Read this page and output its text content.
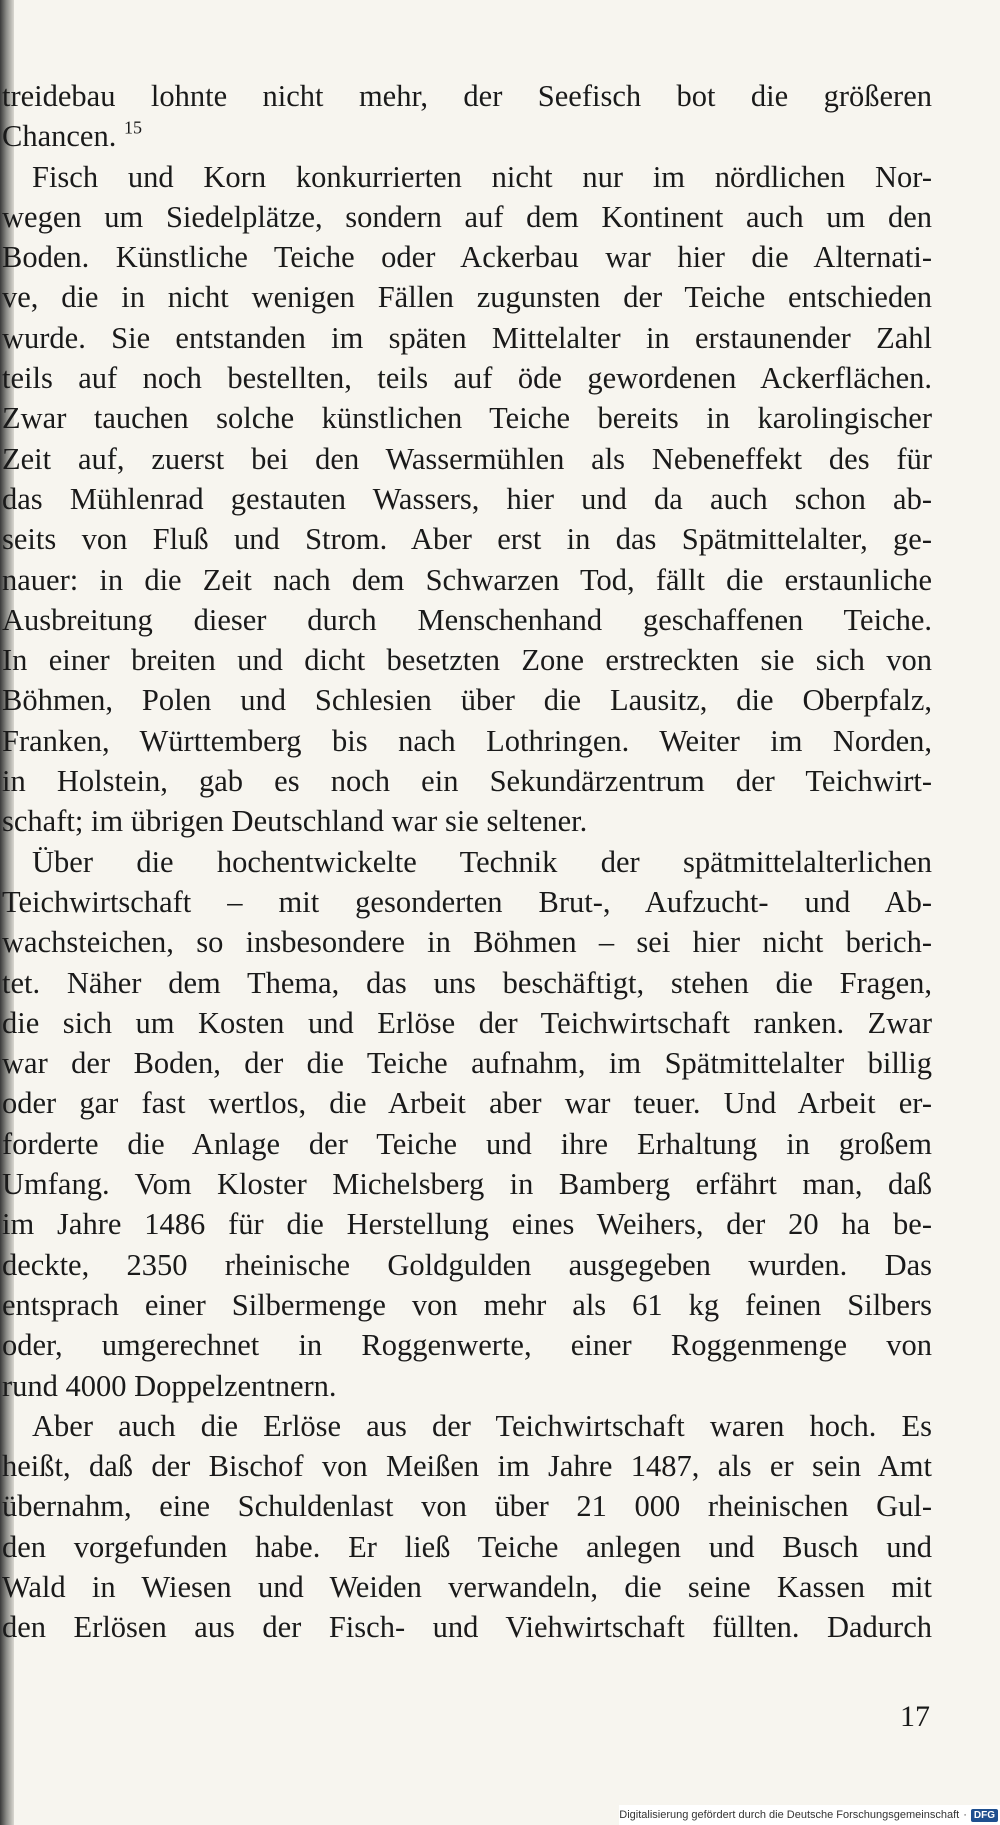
treidebau lohnte nicht mehr, der Seefisch bot die größeren
Chancen. $^{15}$
Fisch und Korn konkurrierten nicht nur im nördlichen Nor-
wegen um Siedelplätze, sondern auf dem Kontinent auch um den
Boden. Künstliche Teiche oder Ackerbau war hier die Alternati-
ve, die in nicht wenigen Fällen zugunsten der Teiche entschieden
wurde. Sie entstanden im späten Mittelalter in erstaunender Zahl
teils auf noch bestellten, teils auf öde gewordenen Ackerflächen.
Zwar tauchen solche künstlichen Teiche bereits in karolingischer
Zeit auf, zuerst bei den Wassermühlen als Nebeneffekt des für
das Mühlenrad gestauten Wassers, hier und da auch schon ab-
seits von Fluß und Strom. Aber erst in das Spätmittelalter, ge-
nauer: in die Zeit nach dem Schwarzen Tod, fällt die erstaunliche
Ausbreitung dieser durch Menschenhand geschaffenen Teiche.
In einer breiten und dicht besetzten Zone erstreckten sie sich von
Böhmen, Polen und Schlesien über die Lausitz, die Oberpfalz,
Franken, Württemberg bis nach Lothringen. Weiter im Norden,
in Holstein, gab es noch ein Sekundärzentrum der Teichwirt-
schaft; im übrigen Deutschland war sie seltener.
Über die hochentwickelte Technik der spätmittelalterlichen
Teichwirtschaft – mit gesonderten Brut-, Aufzucht- und Ab-
wachsteichen, so insbesondere in Böhmen – sei hier nicht berich-
tet. Näher dem Thema, das uns beschäftigt, stehen die Fragen,
die sich um Kosten und Erlöse der Teichwirtschaft ranken. Zwar
war der Boden, der die Teiche aufnahm, im Spätmittelalter billig
oder gar fast wertlos, die Arbeit aber war teuer. Und Arbeit er-
forderte die Anlage der Teiche und ihre Erhaltung in großem
Umfang. Vom Kloster Michelsberg in Bamberg erfährt man, daß
im Jahre 1486 für die Herstellung eines Weihers, der 20 ha be-
deckte, 2350 rheinische Goldgulden ausgegeben wurden. Das
entsprach einer Silbermenge von mehr als 61 kg feinen Silbers
oder, umgerechnet in Roggenwerte, einer Roggenmenge von
rund 4000 Doppelzentnern.
Aber auch die Erlöse aus der Teichwirtschaft waren hoch. Es
heißt, daß der Bischof von Meißen im Jahre 1487, als er sein Amt
übernahm, eine Schuldenlast von über 21 000 rheinischen Gul-
den vorgefunden habe. Er ließ Teiche anlegen und Busch und
Wald in Wiesen und Weiden verwandeln, die seine Kassen mit
den Erlösen aus der Fisch- und Viehwirtschaft füllten. Dadurch
17
Digitalisierung gefördert durch die Deutsche Forschungsgemeinschaft · DFG
